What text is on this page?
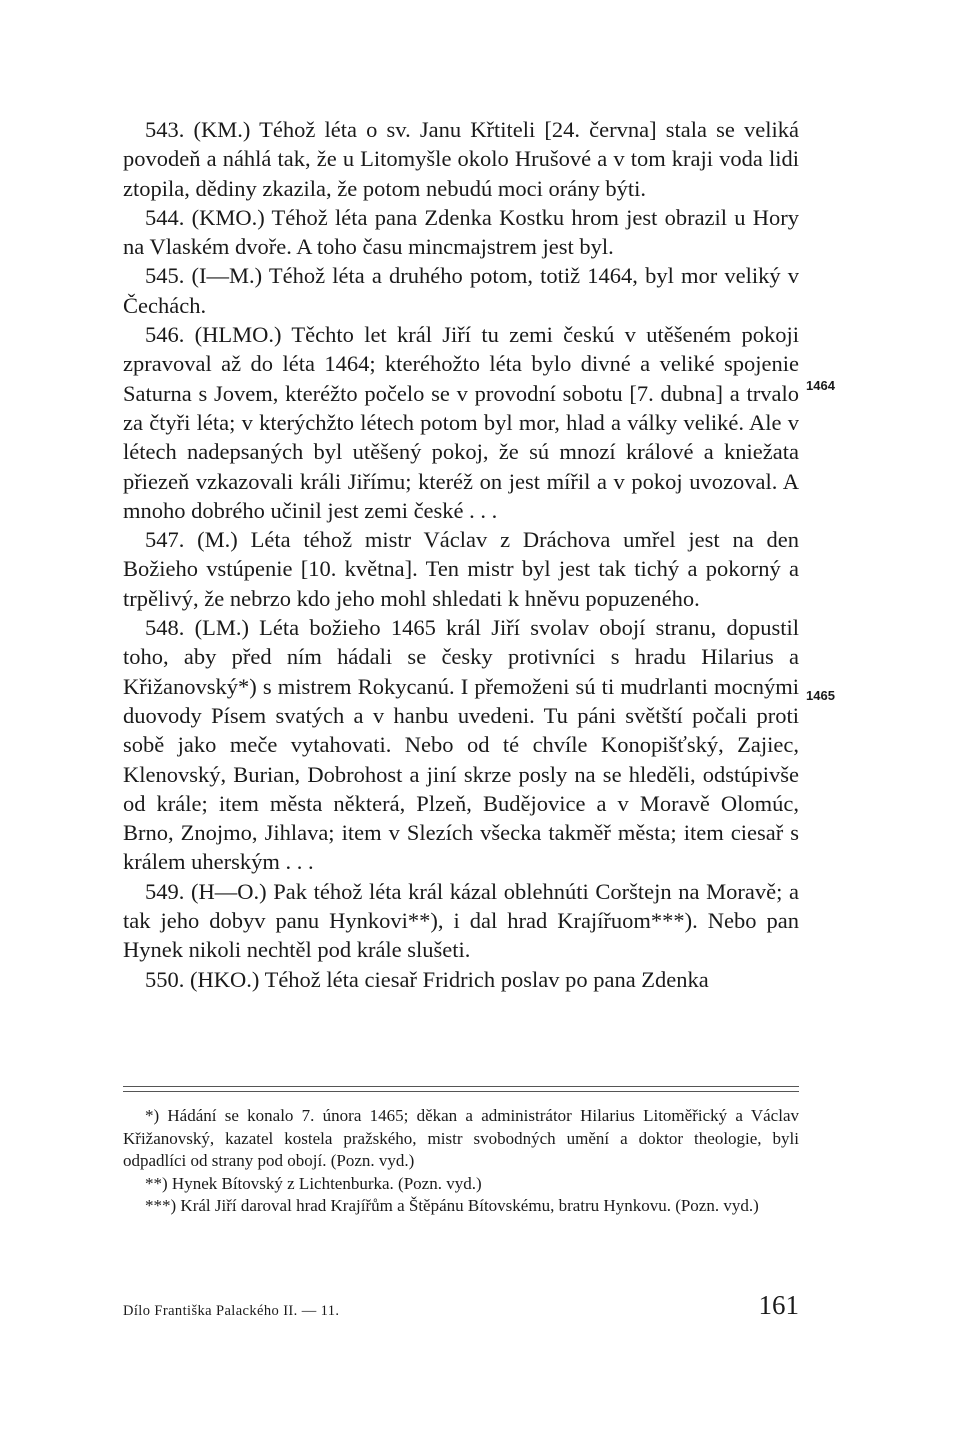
543. (KM.) Téhož léta o sv. Janu Křtiteli [24. června] stala se veliká povodeň a náhlá tak, že u Litomyšle okolo Hrušové a v tom kraji voda lidi ztopila, dědiny zkazila, že potom nebudú moci orány býti.

544. (KMO.) Téhož léta pana Zdenka Kostku hrom jest obrazil u Hory na Vlaském dvoře. A toho času mincmajstrem jest byl.

545. (I—M.) Téhož léta a druhého potom, totiž 1464, byl mor veliký v Čechách.

546. (HLMO.) Těchto let král Jiří tu zemi českú v utěšeném pokoji zpravoval až do léta 1464; kteréhožto léta bylo divné a veliké spojenie Saturna s Jovem, kteréžto počelo se v provodní sobotu [7. dubna] a trvalo za čtyři léta; v kterýchžto létech potom byl mor, hlad a války veliké. Ale v létech nadepsaných byl utěšený pokoj, že sú mnozí králové a kniežata přiezeň vzkazovali králi Jiřímu; kteréž on jest mířil a v pokoj uvozoval. A mnoho dobrého učinil jest zemi české . . .

547. (M.) Léta téhož mistr Václav z Dráchova umřel jest na den Božieho vstúpenie [10. května]. Ten mistr byl jest tak tichý a pokorný a trpělivý, že nebrzo kdo jeho mohl shledati k hněvu popuzeného.

548. (LM.) Léta božieho 1465 král Jiří svolav obojí stranu, dopustil toho, aby před ním hádali se česky protivníci s hradu Hilarius a Křižanovský*) s mistrem Rokycanú. I přemoženi sú ti mudrlanti mocnými duovody Písem svatých a v hanbu uvedeni. Tu páni světští počali proti sobě jako meče vytahovati. Nebo od té chvíle Konopišťský, Zajiec, Klenovský, Burian, Dobrohost a jiní skrze posly na se hleděli, odstúpivše od krále; item města některá, Plzeň, Budějovice a v Moravě Olomúc, Brno, Znojmo, Jihlava; item v Slezích všecka takměř města; item ciesař s králem uherským . . .

549. (H—O.) Pak téhož léta král kázal oblehnúti Corštejn na Moravě; a tak jeho dobyv panu Hynkovi**), i dal hrad Krajířuom***). Nebo pan Hynek nikoli nechtěl pod krále slušeti.

550. (HKO.) Téhož léta ciesař Fridrich poslav po pana Zdenka

1464
1465

*) Hádání se konalo 7. února 1465; děkan a administrátor Hilarius Litoměřický a Václav Křižanovský, kazatel kostela pražského, mistr svobodných umění a doktor theologie, byli odpadlíci od strany pod obojí. (Pozn. vyd.)

**) Hynek Bítovský z Lichtenburka. (Pozn. vyd.)

***) Král Jiří daroval hrad Krajířům a Štěpánu Bítovskému, bratru Hynkovu. (Pozn. vyd.)

Dílo Františka Palackého II. — 11.	161
